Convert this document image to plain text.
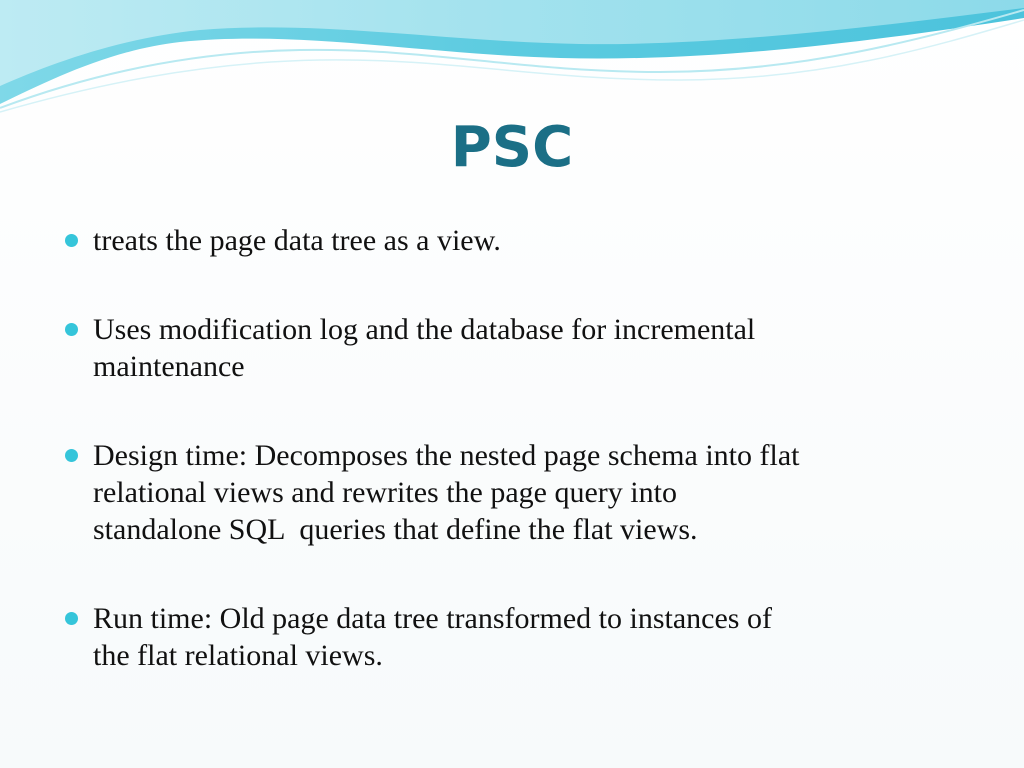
PSC
treats the page data tree as a view.
Uses modification log and the database for incremental
maintenance
Design time: Decomposes the nested page schema into flat
relational views and rewrites the page query into
standalone SQL  queries that define the flat views.
Run time: Old page data tree transformed to instances of
the flat relational views.
